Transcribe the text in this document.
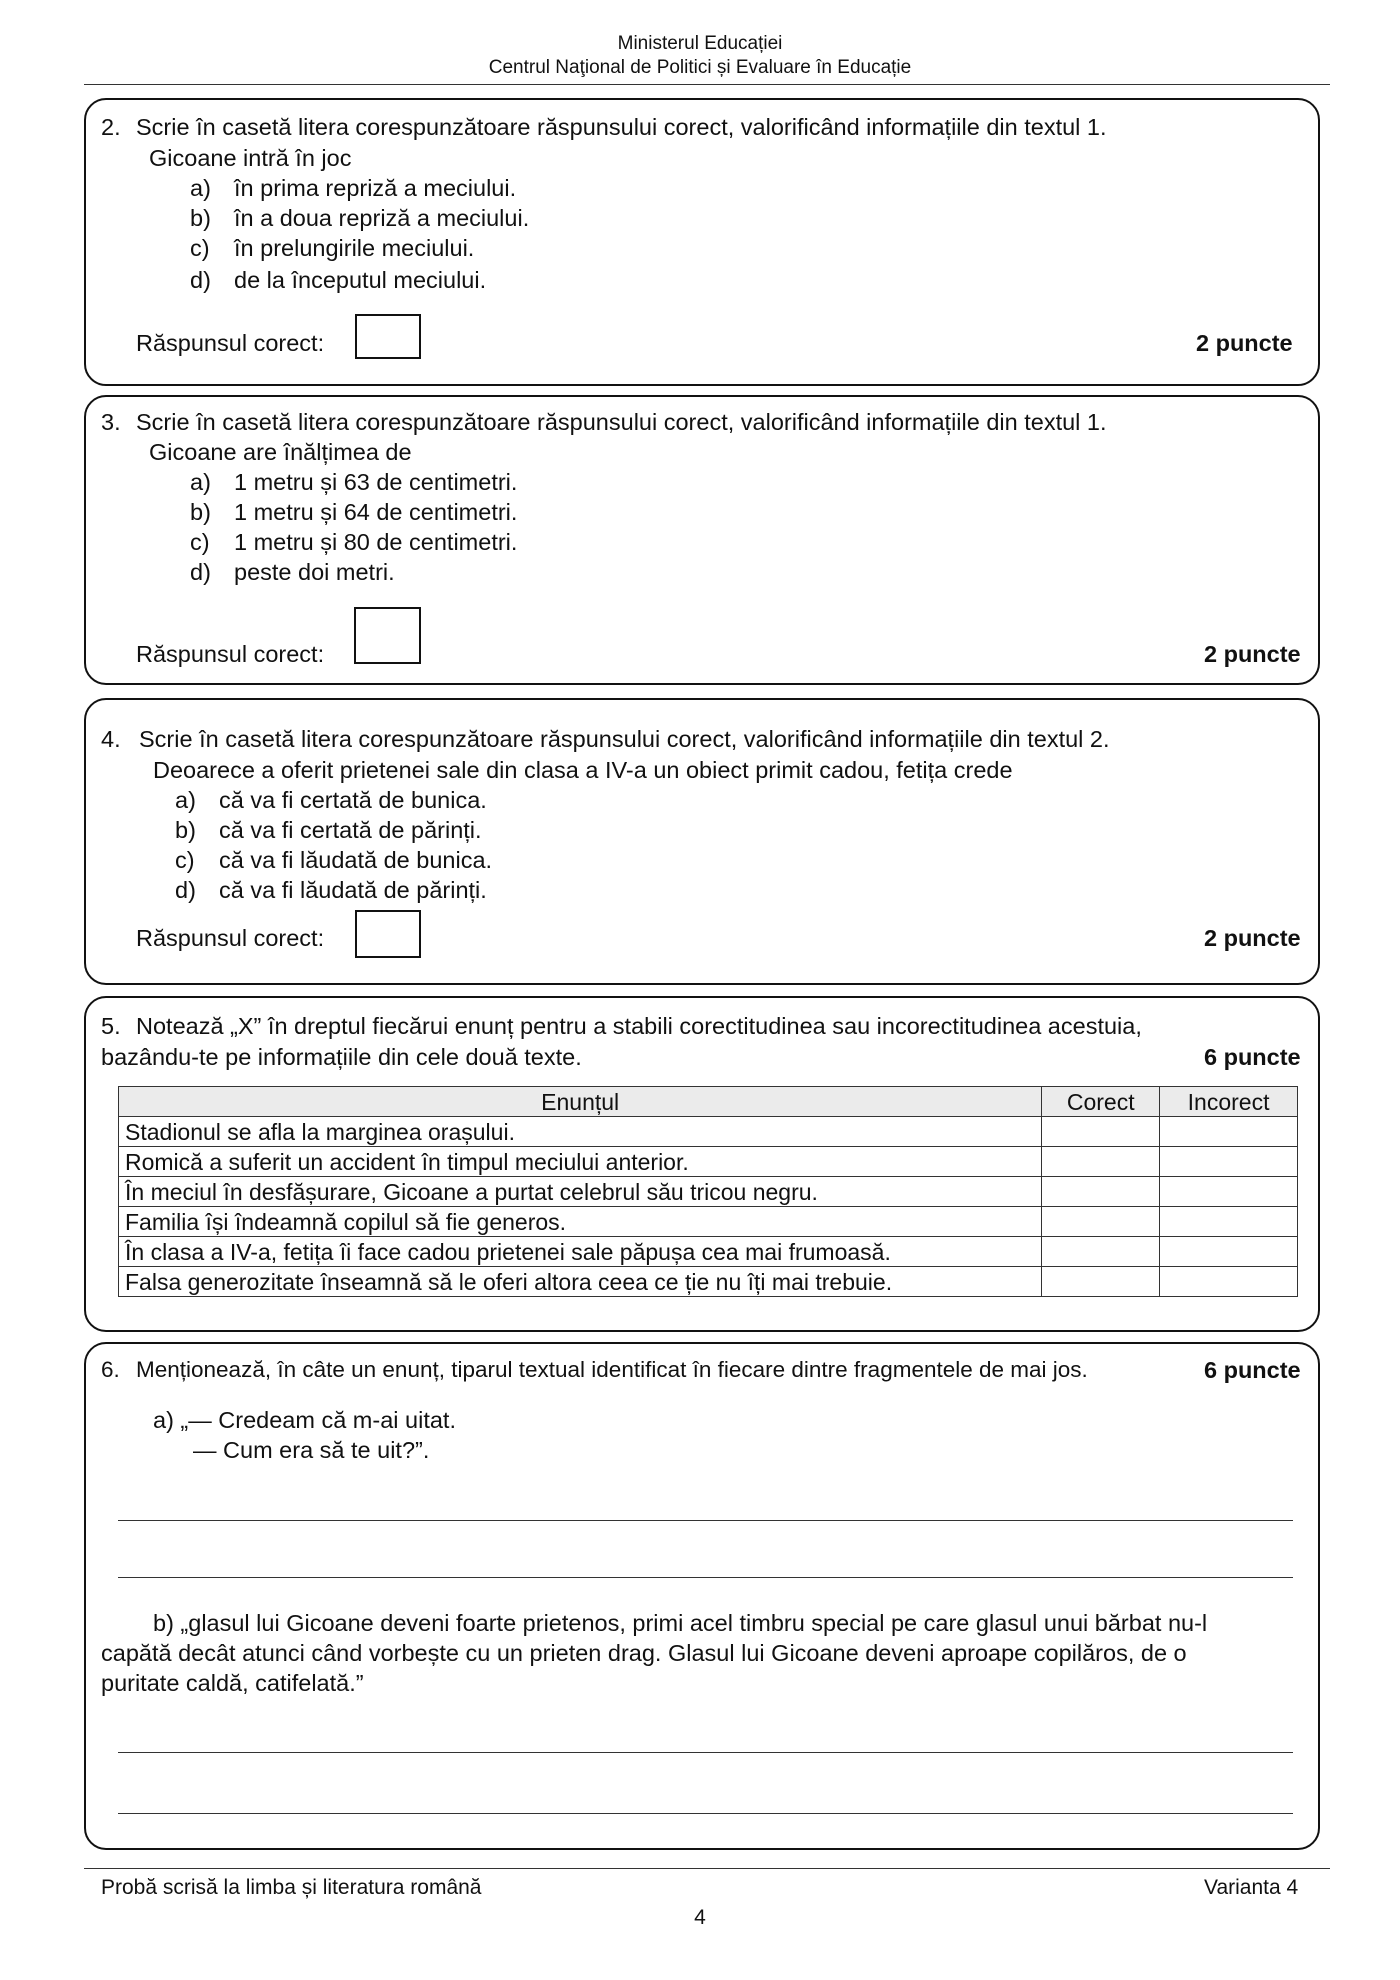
Ministerul Educației
Centrul Naţional de Politici și Evaluare în Educație
2. Scrie în casetă litera corespunzătoare răspunsului corect, valorificând informațiile din textul 1.
Gicoane intră în joc
a) în prima repriză a meciului.
b) în a doua repriză a meciului.
c) în prelungirile meciului.
d) de la începutul meciului.
Răspunsul corect:	2 puncte
3. Scrie în casetă litera corespunzătoare răspunsului corect, valorificând informațiile din textul 1.
Gicoane are înălțimea de
a) 1 metru și 63 de centimetri.
b) 1 metru și 64 de centimetri.
c) 1 metru și 80 de centimetri.
d) peste doi metri.
Răspunsul corect:	2 puncte
4. Scrie în casetă litera corespunzătoare răspunsului corect, valorificând informațiile din textul 2.
Deoarece a oferit prietenei sale din clasa a IV-a un obiect primit cadou, fetița crede
a) că va fi certată de bunica.
b) că va fi certată de părinți.
c) că va fi lăudată de bunica.
d) că va fi lăudată de părinți.
Răspunsul corect:	2 puncte
5. Notează „X” în dreptul fiecărui enunț pentru a stabili corectitudinea sau incorectitudinea acestuia,
bazându-te pe informațiile din cele două texte.	6 puncte
Enunțul	Corect	Incorect
Stadionul se afla la marginea orașului.		
Romică a suferit un accident în timpul meciului anterior.		
În meciul în desfășurare, Gicoane a purtat celebrul său tricou negru.		
Familia își îndeamnă copilul să fie generos.		
În clasa a IV-a, fetița îi face cadou prietenei sale păpușa cea mai frumoasă.		
Falsa generozitate înseamnă să le oferi altora ceea ce ție nu îți mai trebuie.		
6. Menționează, în câte un enunț, tiparul textual identificat în fiecare dintre fragmentele de mai jos.	6 puncte
a) „— Credeam că m-ai uitat.
— Cum era să te uit?”.
b) „glasul lui Gicoane deveni foarte prietenos, primi acel timbru special pe care glasul unui bărbat nu-l
capătă decât atunci când vorbește cu un prieten drag. Glasul lui Gicoane deveni aproape copilăros, de o
puritate caldă, catifelată.”
Probă scrisă la limba și literatura română	Varianta 4
4
